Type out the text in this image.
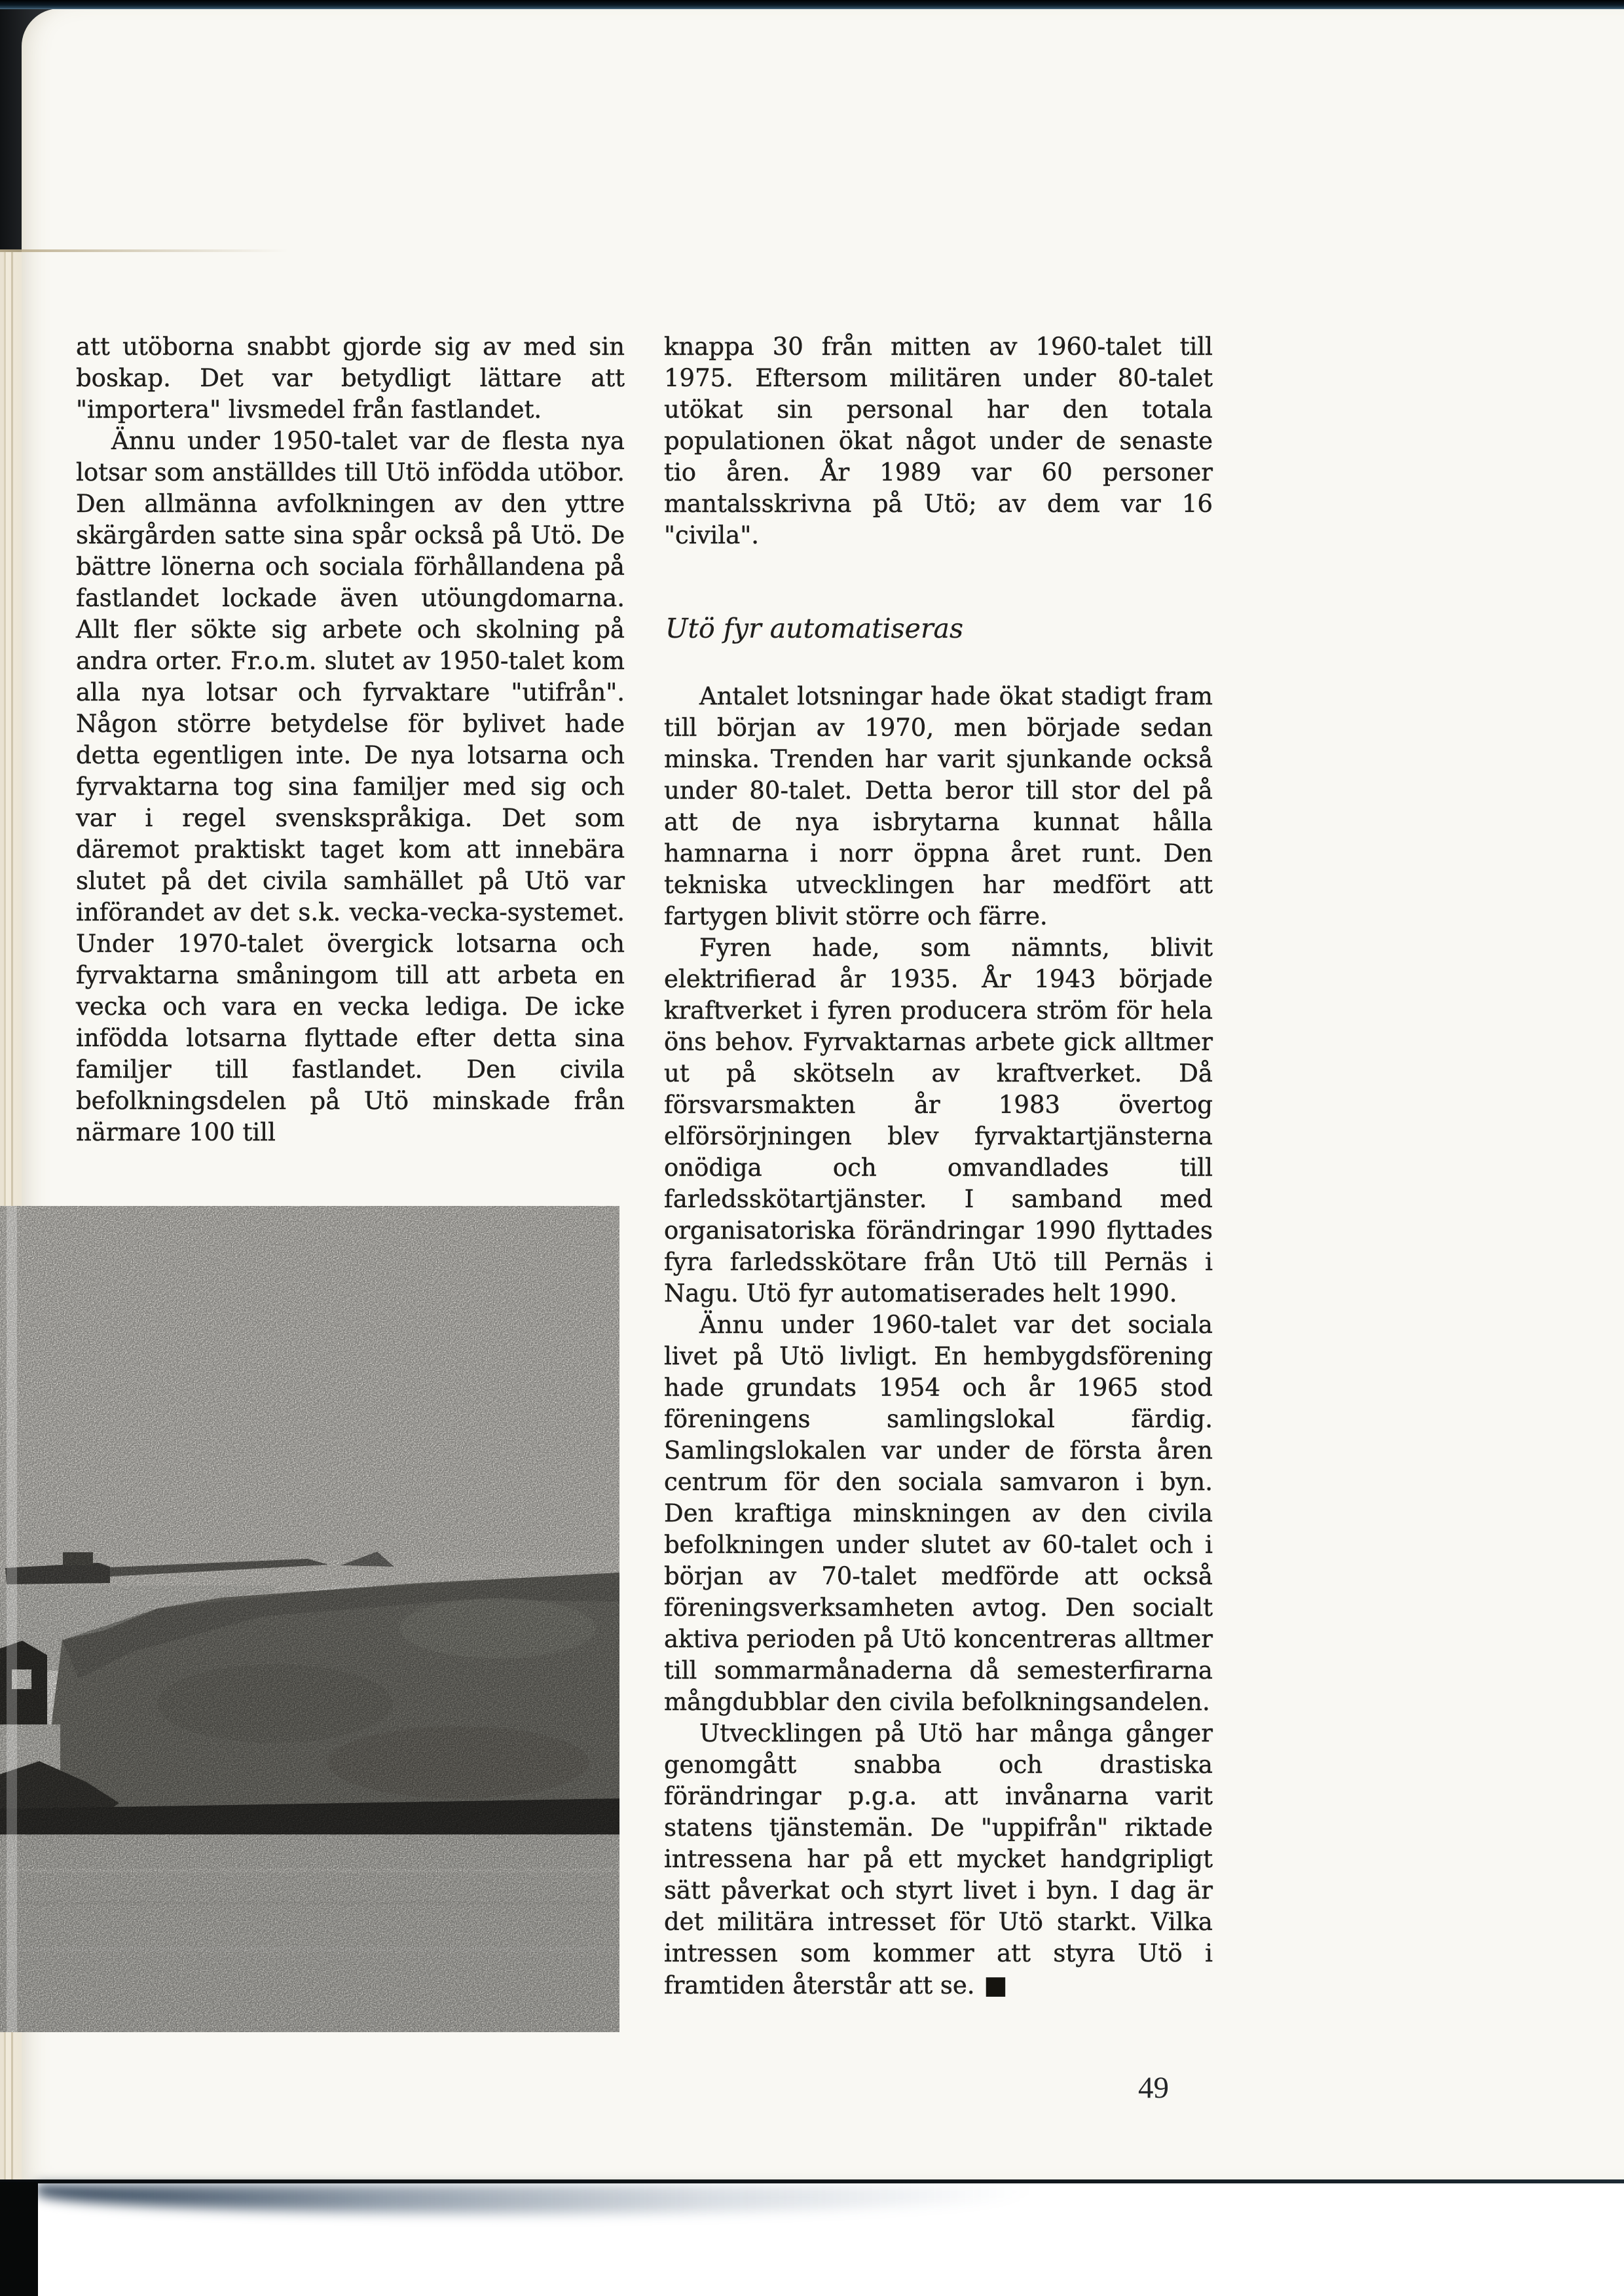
att utöborna snabbt gjorde sig av med sin boskap. Det var betydligt lättare att "importera" livsmedel från fastlandet.

Ännu under 1950-talet var de flesta nya lotsar som anställdes till Utö infödda utöbor. Den allmänna avfolkningen av den yttre skärgården satte sina spår också på Utö. De bättre lönerna och sociala förhållandena på fastlandet lockade även utöungdomarna. Allt fler sökte sig arbete och skolning på andra orter. Fr.o.m. slutet av 1950-talet kom alla nya lotsar och fyrvaktare "utifrån". Någon större betydelse för bylivet hade detta egentligen inte. De nya lotsarna och fyrvaktarna tog sina familjer med sig och var i regel svenskspråkiga. Det som däremot praktiskt taget kom att innebära slutet på det civila samhället på Utö var införandet av det s.k. vecka-vecka-systemet. Under 1970-talet övergick lotsarna och fyrvaktarna småningom till att arbeta en vecka och vara en vecka lediga. De icke infödda lotsarna flyttade efter detta sina familjer till fastlandet. Den civila befolkningsdelen på Utö minskade från närmare 100 till

knappa 30 från mitten av 1960-talet till 1975. Eftersom militären under 80-talet utökat sin personal har den totala populationen ökat något under de senaste tio åren. År 1989 var 60 personer mantalsskrivna på Utö; av dem var 16 "civila".

Utö fyr automatiseras

Antalet lotsningar hade ökat stadigt fram till början av 1970, men började sedan minska. Trenden har varit sjunkande också under 80-talet. Detta beror till stor del på att de nya isbrytarna kunnat hålla hamnarna i norr öppna året runt. Den tekniska utvecklingen har medfört att fartygen blivit större och färre.

Fyren hade, som nämnts, blivit elektrifierad år 1935. År 1943 började kraftverket i fyren producera ström för hela öns behov. Fyrvaktarnas arbete gick alltmer ut på skötseln av kraftverket. Då försvarsmakten år 1983 övertog elförsörjningen blev fyrvaktartjänsterna onödiga och omvandlades till farledsskötartjänster. I samband med organisatoriska förändringar 1990 flyttades fyra farledsskötare från Utö till Pernäs i Nagu. Utö fyr automatiserades helt 1990.

Ännu under 1960-talet var det sociala livet på Utö livligt. En hembygdsförening hade grundats 1954 och år 1965 stod föreningens samlingslokal färdig. Samlingslokalen var under de första åren centrum för den sociala samvaron i byn. Den kraftiga minskningen av den civila befolkningen under slutet av 60-talet och i början av 70-talet medförde att också föreningsverksamheten avtog. Den socialt aktiva perioden på Utö koncentreras alltmer till sommarmånaderna då semesterfirarna mångdubblar den civila befolkningsandelen.

Utvecklingen på Utö har många gånger genomgått snabba och drastiska förändringar p.g.a. att invånarna varit statens tjänstemän. De "uppifrån" riktade intressena har på ett mycket handgripligt sätt påverkat och styrt livet i byn. I dag är det militära intresset för Utö starkt. Vilka intressen som kommer att styra Utö i framtiden återstår att se. ■

49
